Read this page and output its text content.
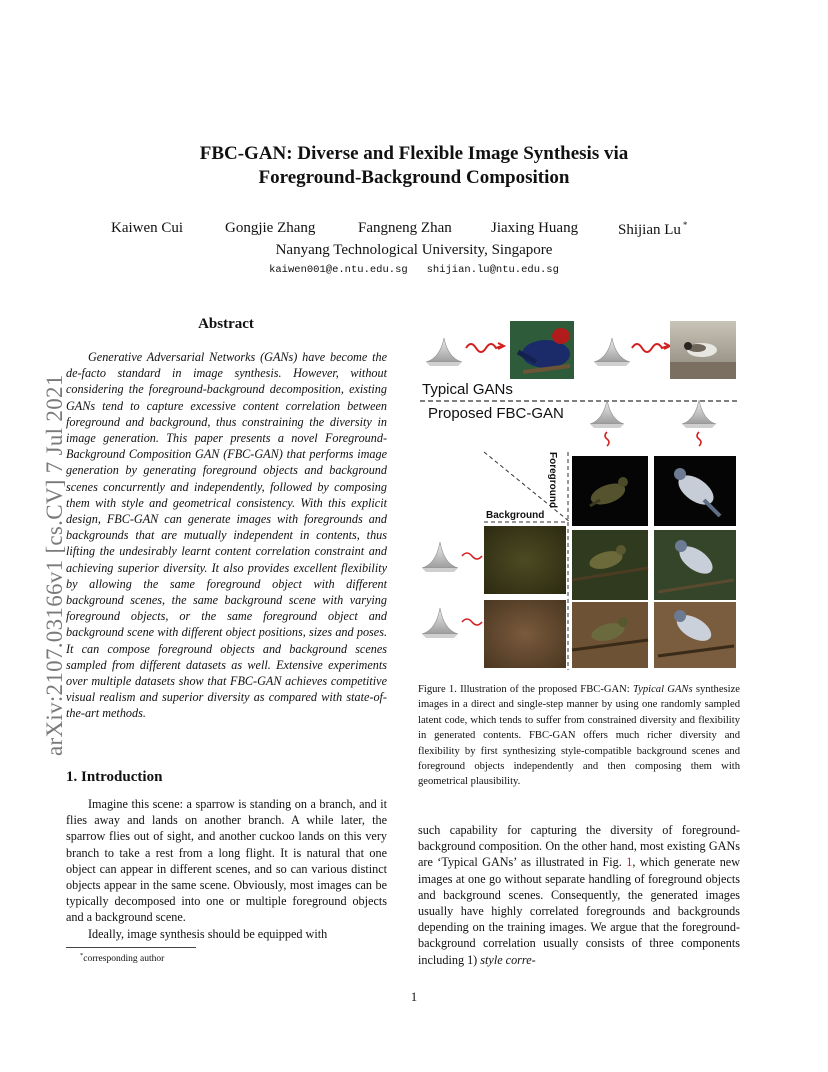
FBC-GAN: Diverse and Flexible Image Synthesis via
Foreground-Background Composition
Kaiwen Cui	Gongjie Zhang	Fangneng Zhan	Jiaxing Huang	Shijian Lu *
Nanyang Technological University, Singapore
kaiwen001@e.ntu.edu.sg   shijian.lu@ntu.edu.sg
arXiv:2107.03166v1 [cs.CV] 7 Jul 2021
Abstract
Generative Adversarial Networks (GANs) have become the de-facto standard in image synthesis. However, without considering the foreground-background decomposition, existing GANs tend to capture excessive content correlation between foreground and background, thus constraining the diversity in image generation. This paper presents a novel Foreground-Background Composition GAN (FBC-GAN) that performs image generation by generating foreground objects and background scenes concurrently and independently, followed by composing them with style and geometrical consistency. With this explicit design, FBC-GAN can generate images with foregrounds and backgrounds that are mutually independent in contents, thus lifting the undesirably learnt content correlation constraint and achieving superior diversity. It also provides excellent flexibility by allowing the same foreground object with different background scenes, the same background scene with varying foreground objects, or the same foreground object and background scene with different object positions, sizes and poses. It can compose foreground objects and background scenes sampled from different datasets as well. Extensive experiments over multiple datasets show that FBC-GAN achieves competitive visual realism and superior diversity as compared with state-of-the-art methods.
1. Introduction

Imagine this scene: a sparrow is standing on a branch, and it flies away and lands on another branch. A while later, the sparrow flies out of sight, and another cuckoo lands on this very branch to take a rest from a long flight. It is natural that one object can appear in different scenes, and so can various distinct objects appear in the same scene. Obviously, most images can be typically decomposed into one or multiple foreground objects and a background scene.

Ideally, image synthesis should be equipped with

*corresponding author
Typical GANs
Proposed FBC-GAN
Foreground
Background
Figure 1. Illustration of the proposed FBC-GAN: Typical GANs synthesize images in a direct and single-step manner by using one randomly sampled latent code, which tends to suffer from constrained diversity and flexibility in generated contents. FBC-GAN offers much richer diversity and flexibility by first synthesizing style-compatible background scenes and foreground objects independently and then composing them with geometrical plausibility.
such capability for capturing the diversity of foreground-background composition. On the other hand, most existing GANs are ‘Typical GANs’ as illustrated in Fig. 1, which generate new images at one go without separate handling of foreground objects and background scenes. Consequently, the generated images usually have highly correlated foregrounds and backgrounds depending on the training images. We argue that the foreground-background correlation usually consists of three components including 1) style corre-
1
